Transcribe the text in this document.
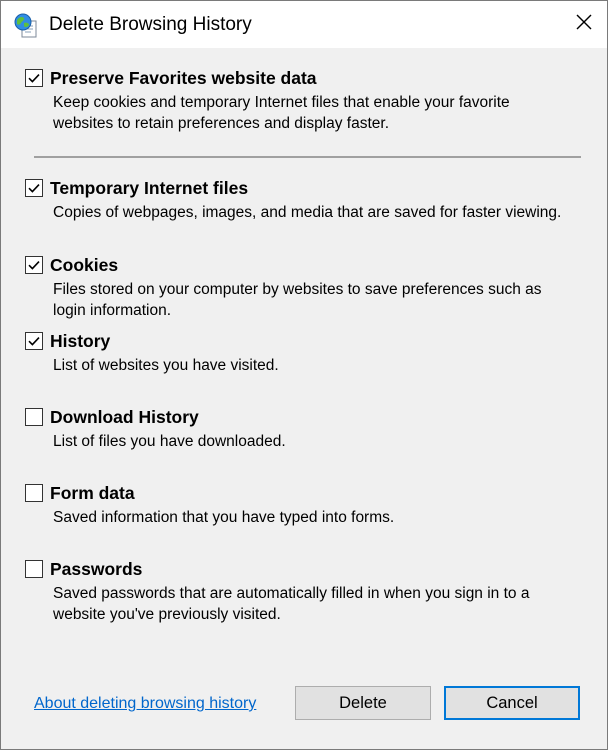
Delete Browsing History
Preserve Favorites website data
Keep cookies and temporary Internet files that enable your favorite websites to retain preferences and display faster.
Temporary Internet files
Copies of webpages, images, and media that are saved for faster viewing.
Cookies
Files stored on your computer by websites to save preferences such as login information.
History
List of websites you have visited.
Download History
List of files you have downloaded.
Form data
Saved information that you have typed into forms.
Passwords
Saved passwords that are automatically filled in when you sign in to a website you've previously visited.
About deleting browsing history	Delete	Cancel
